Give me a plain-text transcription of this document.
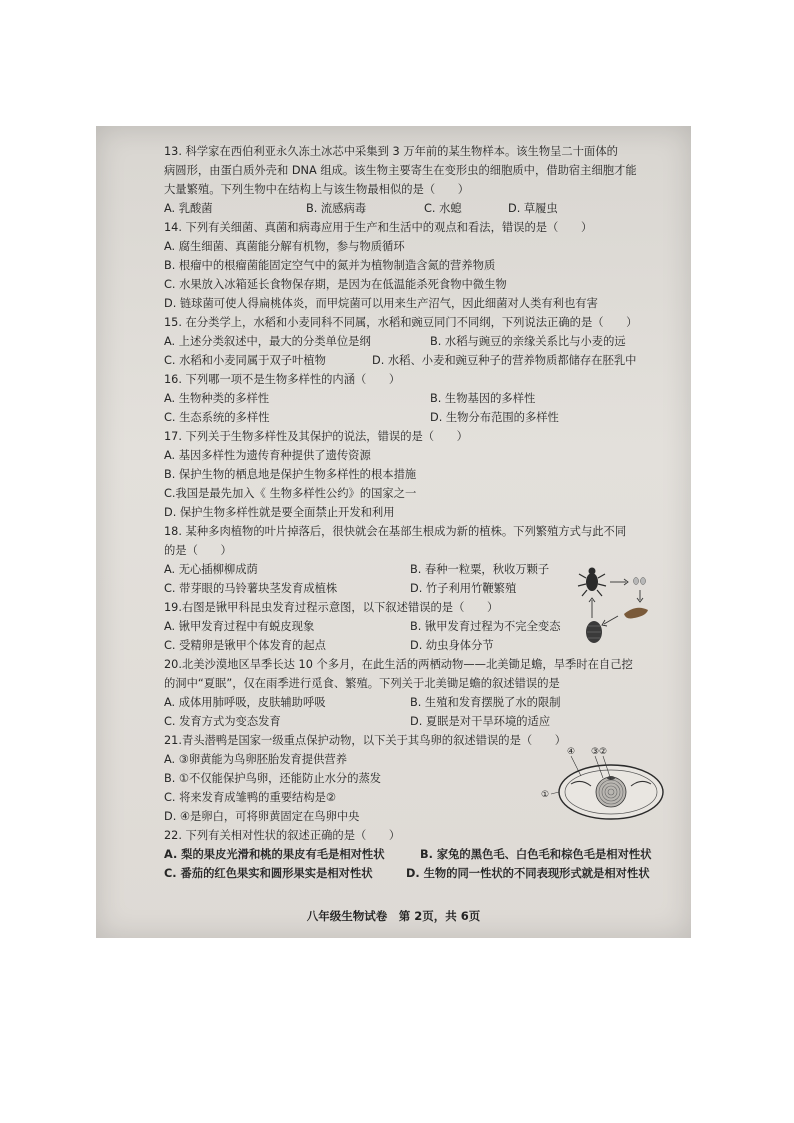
13. 科学家在西伯利亚永久冻土冰芯中采集到 3 万年前的某生物样本。该生物呈二十面体的
病圆形，由蛋白质外壳和 DNA 组成。该生物主要寄生在变形虫的细胞质中，借助宿主细胞才能
大量繁殖。下列生物中在结构上与该生物最相似的是（　　）
A. 乳酸菌	B. 流感病毒	C. 水螅	D. 草履虫
14. 下列有关细菌、真菌和病毒应用于生产和生活中的观点和看法，错误的是（　　）
A. 腐生细菌、真菌能分解有机物，参与物质循环
B. 根瘤中的根瘤菌能固定空气中的氮并为植物制造含氮的营养物质
C. 水果放入冰箱延长食物保存期，是因为在低温能杀死食物中微生物
D. 链球菌可使人得扁桃体炎，而甲烷菌可以用来生产沼气，因此细菌对人类有利也有害
15. 在分类学上，水稻和小麦同科不同属，水稻和豌豆同门不同纲，下列说法正确的是（　　）
A. 上述分类叙述中，最大的分类单位是纲	B. 水稻与豌豆的亲缘关系比与小麦的远
C. 水稻和小麦同属于双子叶植物	D. 水稻、小麦和豌豆种子的营养物质都储存在胚乳中
16. 下列哪一项不是生物多样性的内涵（　　）
A. 生物种类的多样性	B. 生物基因的多样性
C. 生态系统的多样性	D. 生物分布范围的多样性
17. 下列关于生物多样性及其保护的说法，错误的是（　　）
A. 基因多样性为遗传育种提供了遗传资源
B. 保护生物的栖息地是保护生物多样性的根本措施
C.我国是最先加入《 生物多样性公约》的国家之一
D. 保护生物多样性就是要全面禁止开发和利用
18. 某种多肉植物的叶片掉落后，很快就会在基部生根成为新的植株。下列繁殖方式与此不同
的是（　　）
A. 无心插柳柳成荫	B. 春种一粒粟，秋收万颗子
C. 带芽眼的马铃薯块茎发育成植株	D. 竹子利用竹鞭繁殖
19.右图是锹甲科昆虫发育过程示意图，以下叙述错误的是（　　）
A. 锹甲发育过程中有蜕皮现象	B. 锹甲发育过程为不完全变态
C. 受精卵是锹甲个体发育的起点	D. 幼虫身体分节
20.北美沙漠地区旱季长达 10 个多月，在此生活的两栖动物——北美锄足蟾，旱季时在自己挖
的洞中“夏眠”，仅在雨季进行觅食、繁殖。下列关于北美锄足蟾的叙述错误的是
A. 成体用肺呼吸，皮肤辅助呼吸	B. 生殖和发育摆脱了水的限制
C. 发育方式为变态发育	D. 夏眠是对干旱环境的适应
21.青头潜鸭是国家一级重点保护动物，以下关于其鸟卵的叙述错误的是（　　）
A. ③卵黄能为鸟卵胚胎发育提供营养
B. ①不仅能保护鸟卵，还能防止水分的蒸发
C. 将来发育成雏鸭的重要结构是②
D. ④是卵白，可将卵黄固定在鸟卵中央
22. 下列有关相对性状的叙述正确的是（　　）
A. 梨的果皮光滑和桃的果皮有毛是相对性状	B. 家兔的黑色毛、白色毛和棕色毛是相对性状
C. 番茄的红色果实和圆形果实是相对性状	D. 生物的同一性状的不同表现形式就是相对性状
④ ③ ②
①
八年级生物试卷　第 2页，共 6页
